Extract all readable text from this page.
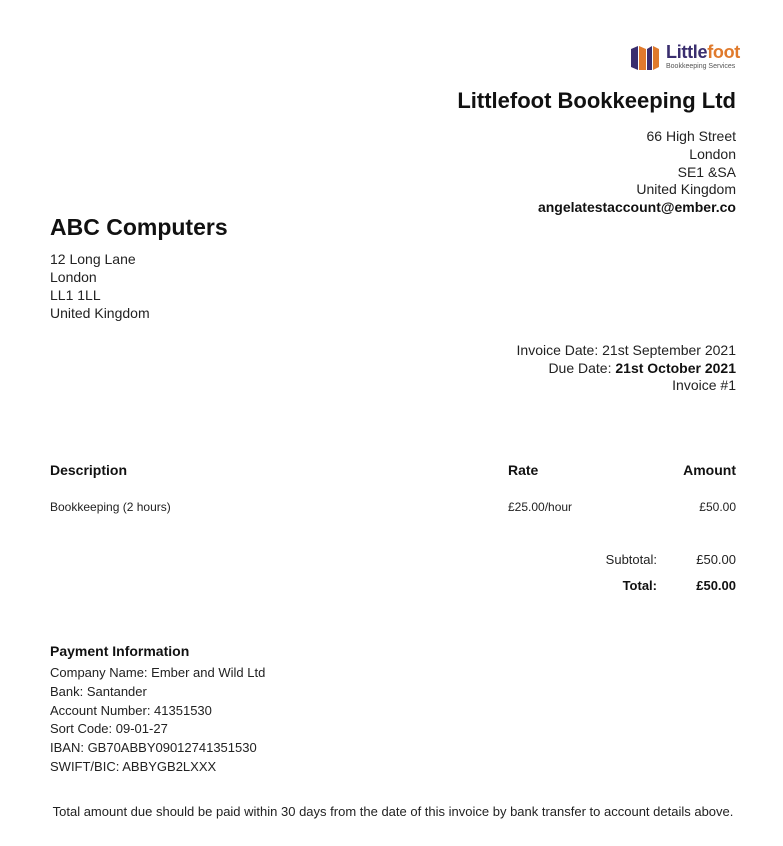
Littlefoot
Bookkeeping Services
Littlefoot Bookkeeping Ltd
66 High Street
London
SE1 &SA
United Kingdom
angelatestaccount@ember.co
ABC Computers
12 Long Lane
London
LL1 1LL
United Kingdom
Invoice Date: 21st September 2021
Due Date: 21st October 2021
Invoice #1
Description	Rate	Amount
Bookkeeping (2 hours)	£25.00/hour	£50.00
Subtotal:	£50.00
Total:	£50.00
Payment Information
Company Name: Ember and Wild Ltd
Bank: Santander
Account Number: 41351530
Sort Code: 09-01-27
IBAN: GB70ABBY09012741351530
SWIFT/BIC: ABBYGB2LXXX
Total amount due should be paid within 30 days from the date of this invoice by bank transfer to account details above.
